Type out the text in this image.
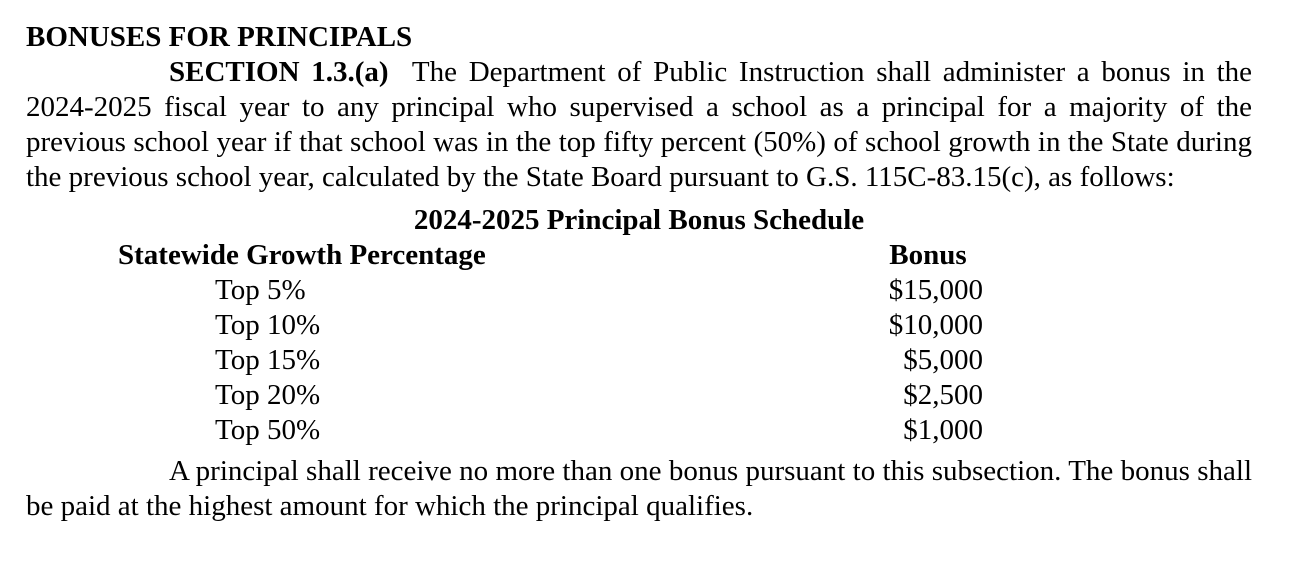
BONUSES FOR PRINCIPALS
SECTION 1.3.(a)  The Department of Public Instruction shall administer a bonus in the 2024-2025 fiscal year to any principal who supervised a school as a principal for a majority of the previous school year if that school was in the top fifty percent (50%) of school growth in the State during the previous school year, calculated by the State Board pursuant to G.S. 115C-83.15(c), as follows:
2024-2025 Principal Bonus Schedule
Statewide Growth Percentage	Bonus
Top 5%	$15,000
Top 10%	$10,000
Top 15%	$5,000
Top 20%	$2,500
Top 50%	$1,000
A principal shall receive no more than one bonus pursuant to this subsection. The bonus shall be paid at the highest amount for which the principal qualifies.
